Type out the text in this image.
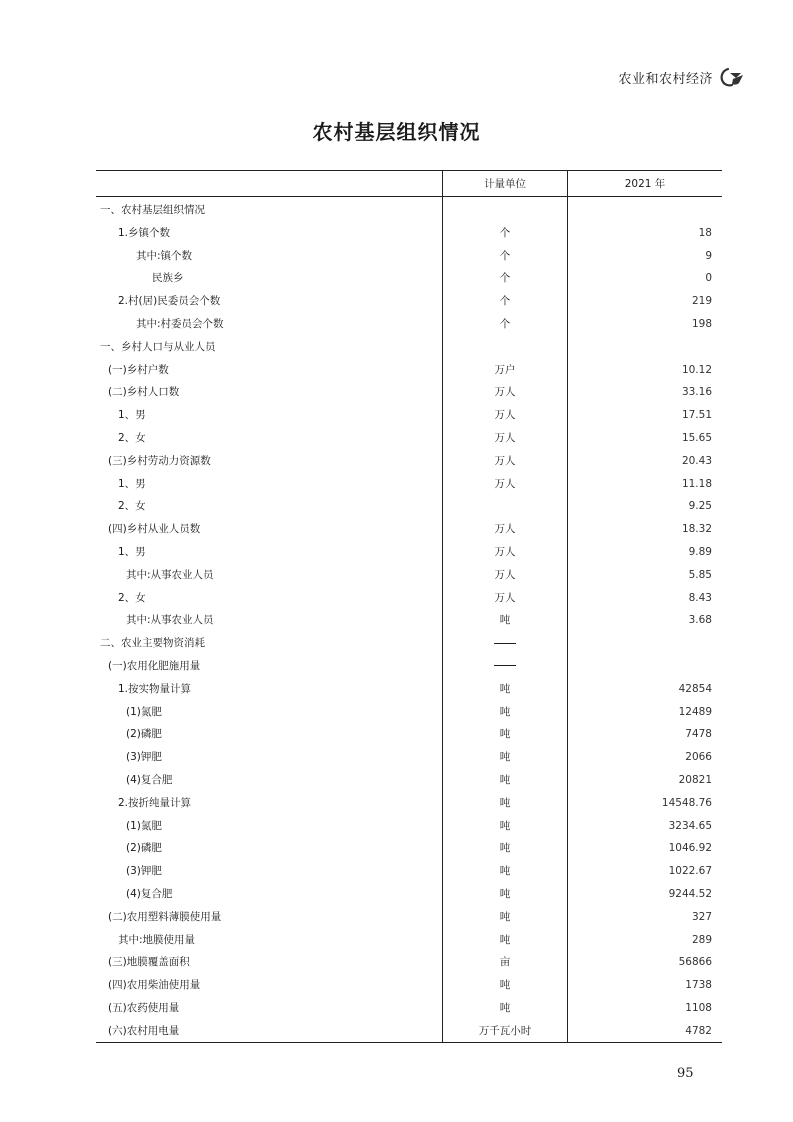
农业和农村经济
农村基层组织情况
	计量单位	2021 年
一、农村基层组织情况		
1.乡镇个数	个	18
其中:镇个数	个	9
民族乡	个	0
2.村(居)民委员会个数	个	219
其中:村委员会个数	个	198
一、乡村人口与从业人员		
(一)乡村户数	万户	10.12
(二)乡村人口数	万人	33.16
1、男	万人	17.51
2、女	万人	15.65
(三)乡村劳动力资源数	万人	20.43
1、男	万人	11.18
2、女		9.25
(四)乡村从业人员数	万人	18.32
1、男	万人	9.89
其中:从事农业人员	万人	5.85
2、女	万人	8.43
其中:从事农业人员	吨	3.68
二、农业主要物资消耗		
(一)农用化肥施用量		
1.按实物量计算	吨	42854
(1)氮肥	吨	12489
(2)磷肥	吨	7478
(3)钾肥	吨	2066
(4)复合肥	吨	20821
2.按折纯量计算	吨	14548.76
(1)氮肥	吨	3234.65
(2)磷肥	吨	1046.92
(3)钾肥	吨	1022.67
(4)复合肥	吨	9244.52
(二)农用塑料薄膜使用量	吨	327
其中:地膜使用量	吨	289
(三)地膜覆盖面积	亩	56866
(四)农用柴油使用量	吨	1738
(五)农药使用量	吨	1108
(六)农村用电量	万千瓦小时	4782
95
